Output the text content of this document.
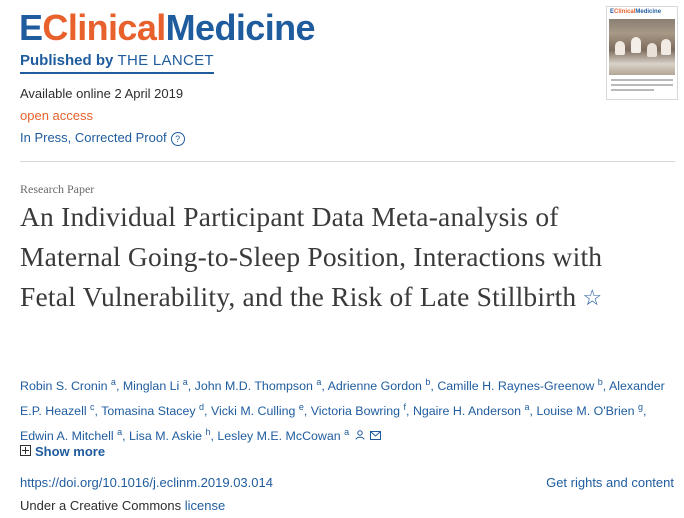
EClinicalMedicine
Published by THE LANCET
EClinicalMedicine
Available online 2 April 2019
open access
In Press, Corrected Proof ?
Research Paper
An Individual Participant Data Meta-analysis of Maternal Going-to-Sleep Position, Interactions with Fetal Vulnerability, and the Risk of Late Stillbirth ☆
Robin S. Cronin $^a$, Minglan Li $^a$, John M.D. Thompson $^a$, Adrienne Gordon $^b$, Camille H. Raynes-Greenow $^b$, Alexander E.P. Heazell $^c$, Tomasina Stacey $^d$, Vicki M. Culling $^e$, Victoria Bowring $^f$, Ngaire H. Anderson $^a$, Louise M. O'Brien $^g$, Edwin A. Mitchell $^a$, Lisa M. Askie $^h$, Lesley M.E. McCowan $^a$
Show more
https://doi.org/10.1016/j.eclinm.2019.03.014	Get rights and content
Under a Creative Commons license
